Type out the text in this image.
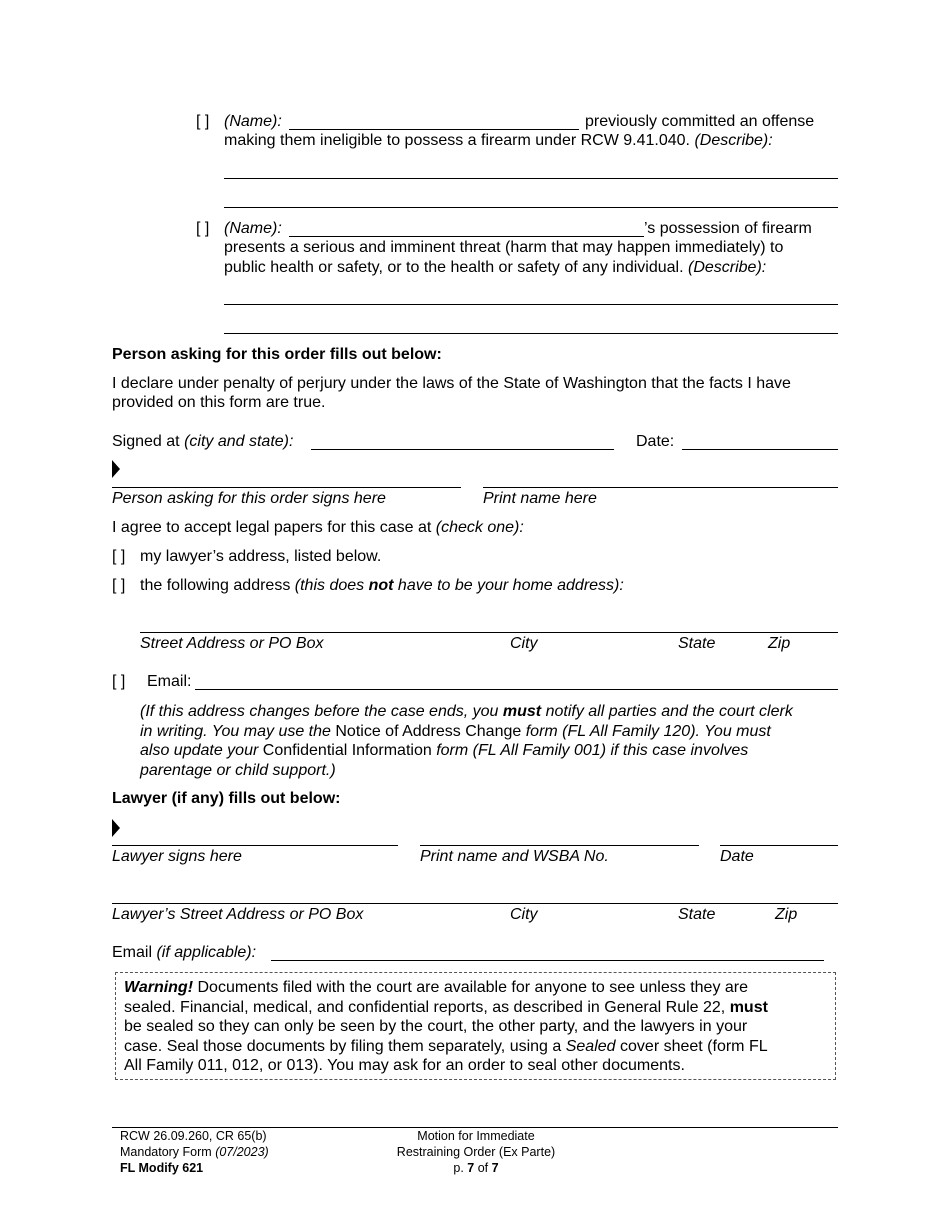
[ ] (Name):	previously committed an offense
making them ineligible to possess a firearm under RCW 9.41.040. (Describe):
[ ] (Name):	’s possession of firearm
presents a serious and imminent threat (harm that may happen immediately) to
public health or safety, or to the health or safety of any individual. (Describe):
Person asking for this order fills out below:
I declare under penalty of perjury under the laws of the State of Washington that the facts I have
provided on this form are true.
Signed at (city and state):	Date:
Person asking for this order signs here	Print name here
I agree to accept legal papers for this case at (check one):
[ ] my lawyer’s address, listed below.
[ ] the following address (this does not have to be your home address):
Street Address or PO Box	City	State	Zip
[ ] Email:
(If this address changes before the case ends, you must notify all parties and the court clerk
in writing. You may use the Notice of Address Change form (FL All Family 120). You must
also update your Confidential Information form (FL All Family 001) if this case involves
parentage or child support.)
Lawyer (if any) fills out below:
Lawyer signs here	Print name and WSBA No.	Date
Lawyer’s Street Address or PO Box	City	State	Zip
Email (if applicable):
Warning! Documents filed with the court are available for anyone to see unless they are
sealed. Financial, medical, and confidential reports, as described in General Rule 22, must
be sealed so they can only be seen by the court, the other party, and the lawyers in your
case. Seal those documents by filing them separately, using a Sealed cover sheet (form FL
All Family 011, 012, or 013). You may ask for an order to seal other documents.
RCW 26.09.260, CR 65(b)
Mandatory Form (07/2023)
FL Modify 621
Motion for Immediate
Restraining Order (Ex Parte)
p. 7 of 7
